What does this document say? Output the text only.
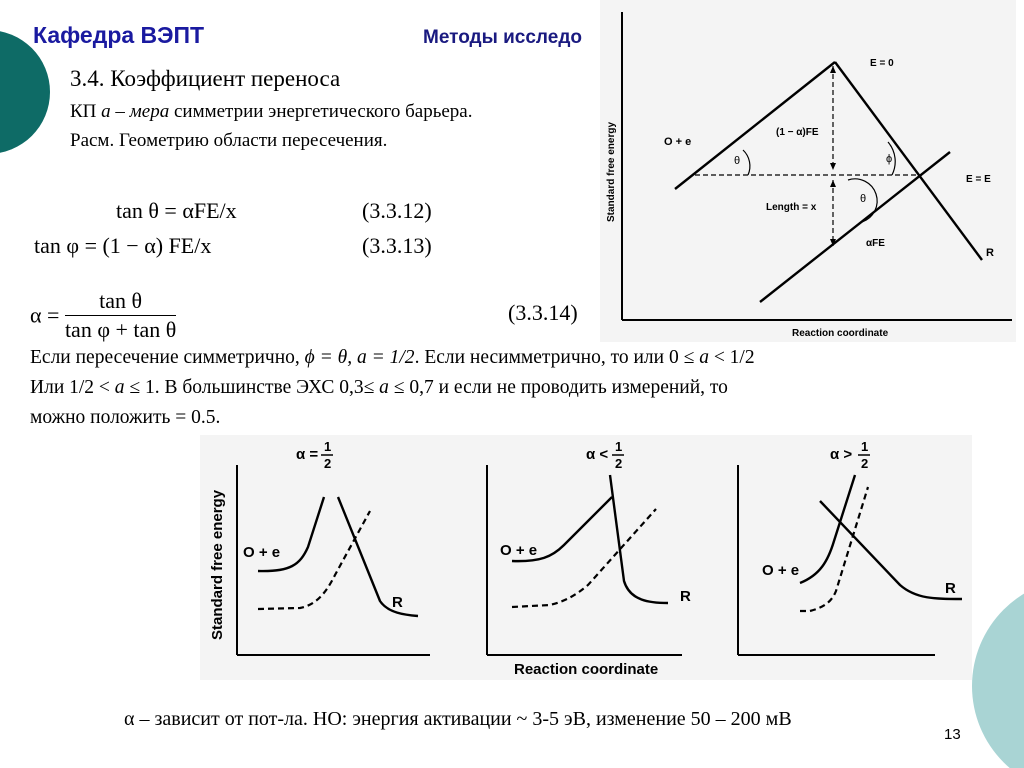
Кафедра ВЭПТ	Методы исследо
3.4. Коэффициент переноса
КП a – мера симметрии энергетического барьера.
Расм. Геометрию области пересечения.
tan θ = αFE/x	(3.3.12)
tan φ = (1 − α) FE/x	(3.3.13)
$\alpha = \frac{\text{tan θ}}{\text{tan φ + tan θ}}$	(3.3.14)
Standard free energy
Reaction coordinate
O + e
E = 0
E = E
R
θ	ϕ
θ
(1 − α)FE
Length = x
αFE
Если пересечение симметрично, ϕ = θ, a = 1/2. Если несимметрично, то или 0 ≤ a < 1/2
Или 1/2 < a ≤ 1. В большинстве ЭХС 0,3≤ a ≤ 0,7 и если не проводить измерений, то
можно положить = 0.5.
Standard free energy
Reaction coordinate
α = 1
2
O + e
R
α < 1
2
O + e
R
α > 1
2
O + e
R
α – зависит от пот-ла. НО: энергия активации ~ 3-5 эВ, изменение 50 – 200 мВ
13
